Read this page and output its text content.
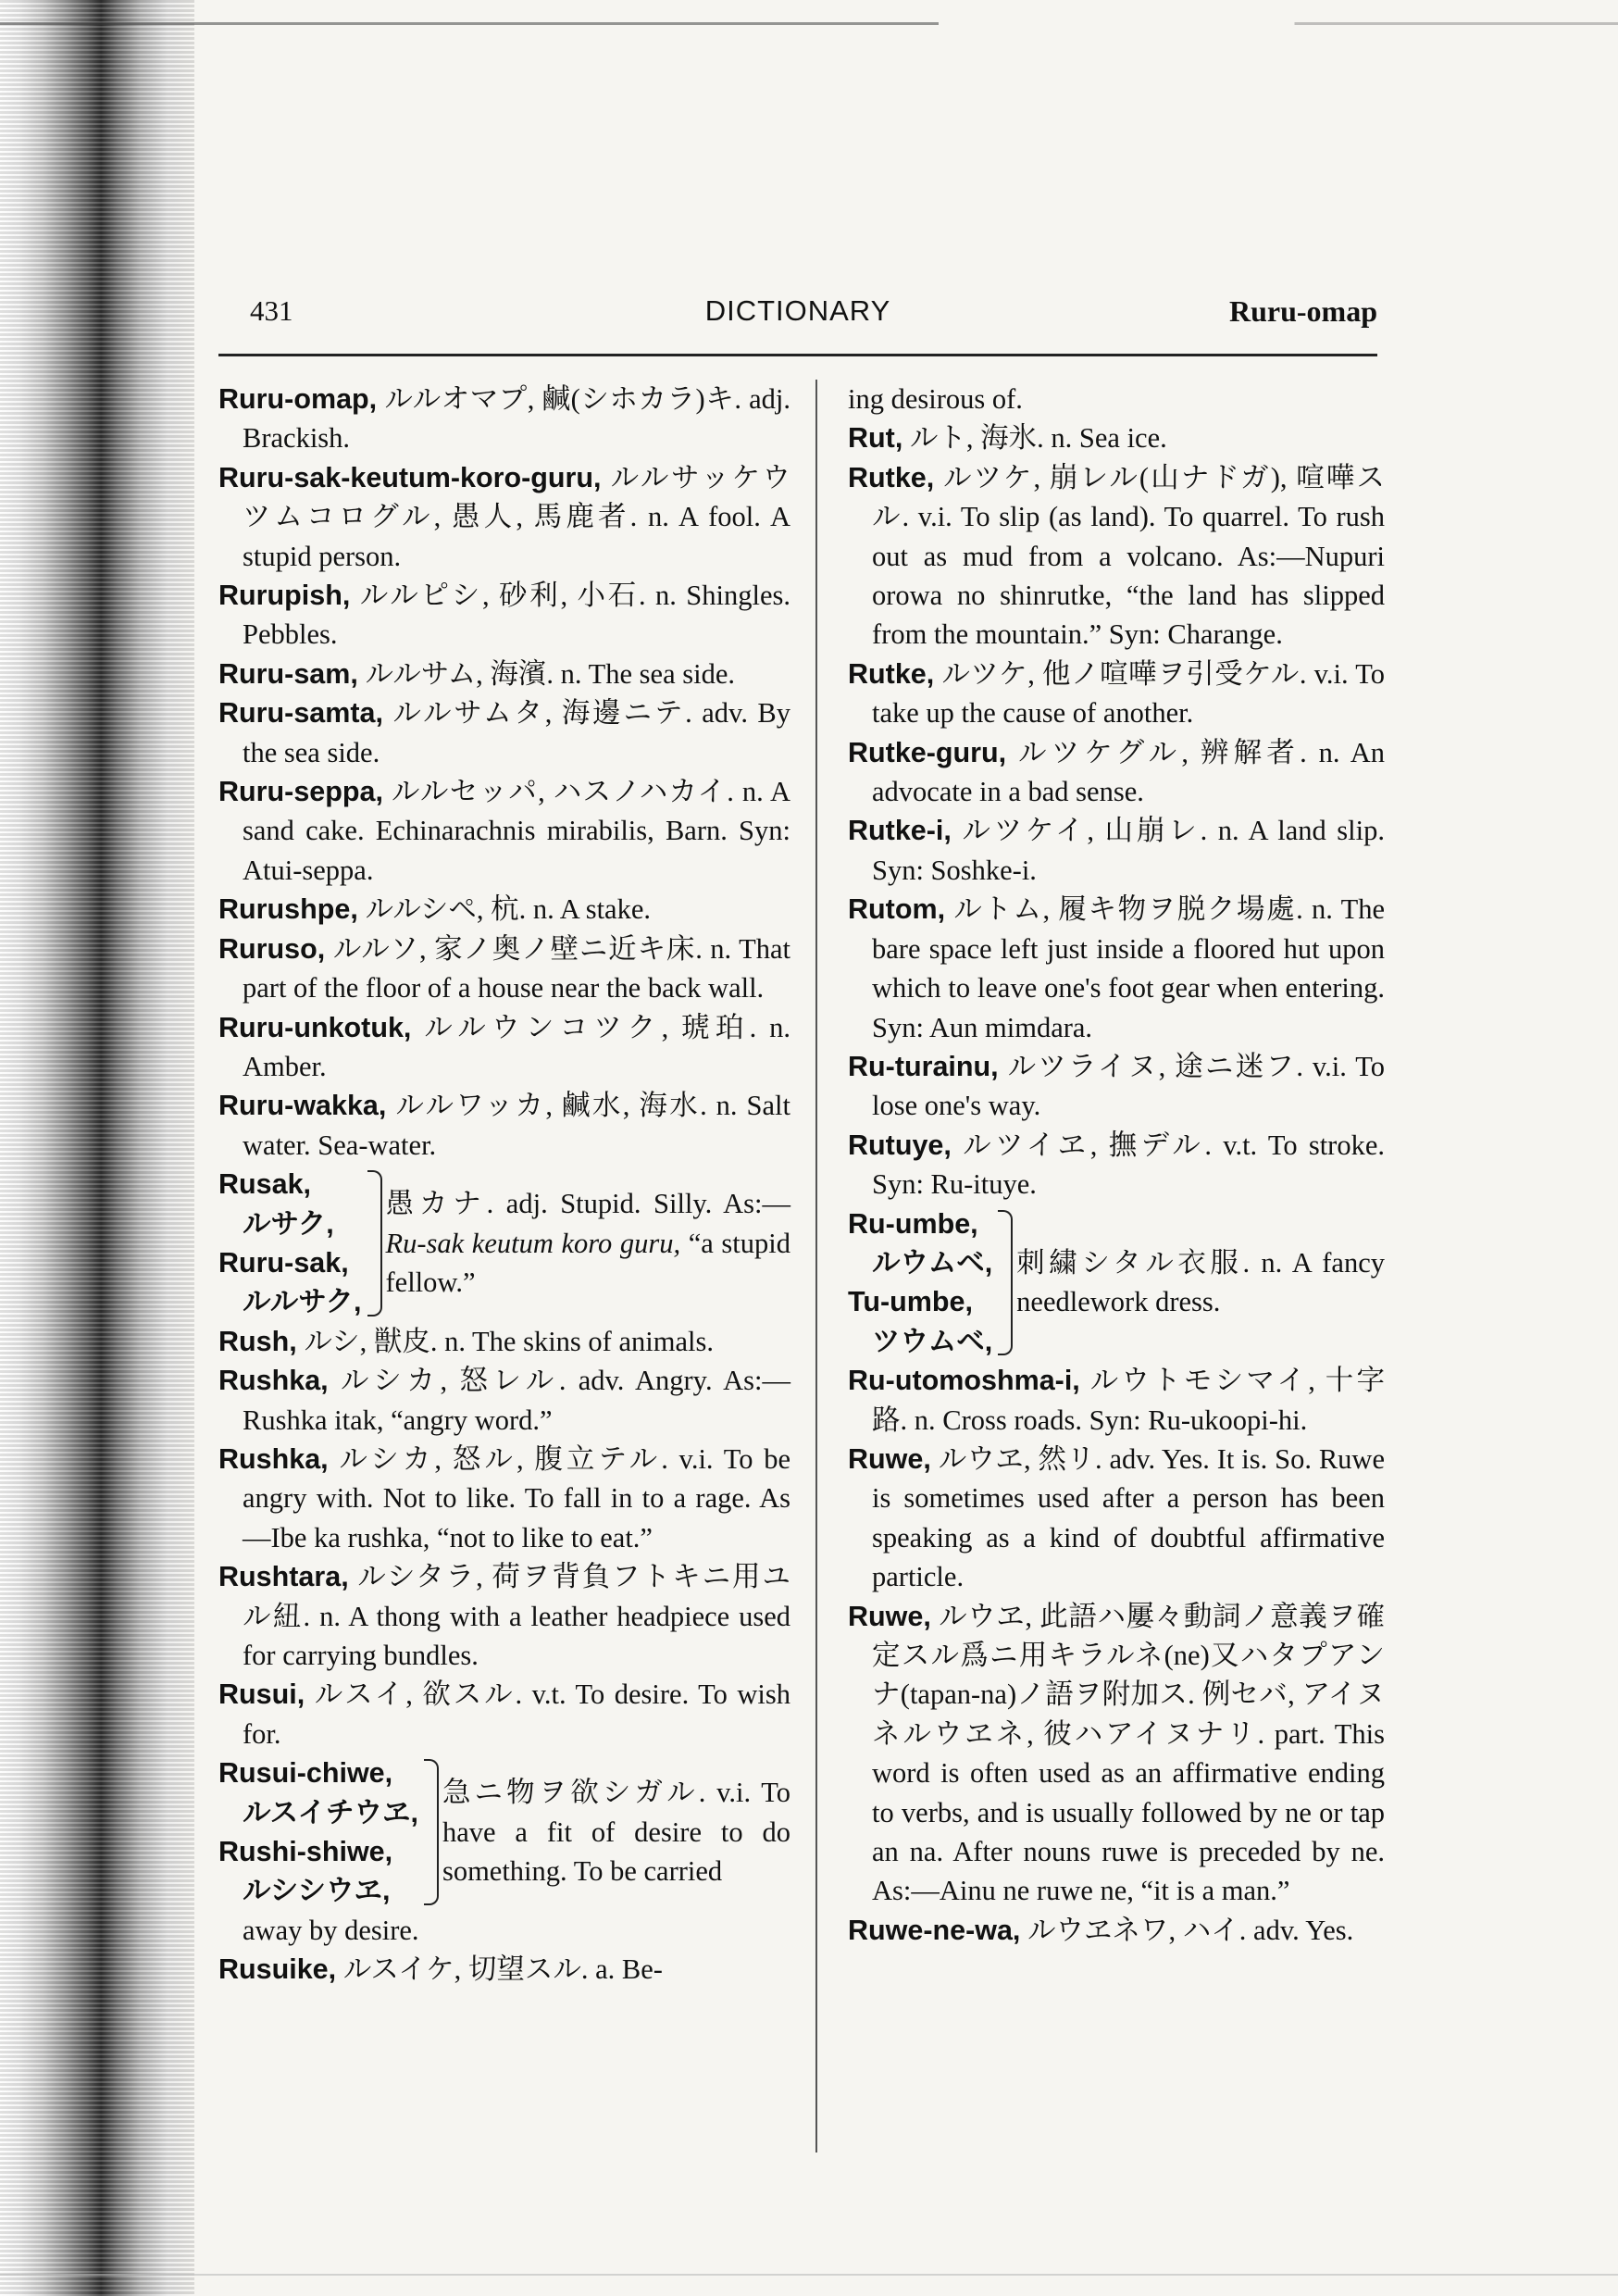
431	DICTIONARY	Ruru-omap
Ruru-omap, ルルオマプ, 鹹(シホカラ)キ. adj. Brackish.
Ruru-sak-keutum-koro-guru, ルルサッケウツムコログル, 愚人, 馬鹿者. n. A fool. A stupid person.
Rurupish, ルルピシ, 砂利, 小石. n. Shingles. Pebbles.
Ruru-sam, ルルサム, 海濱. n. The sea side.
Ruru-samta, ルルサムタ, 海邊ニテ. adv. By the sea side.
Ruru-seppa, ルルセッパ, ハスノハカイ. n. A sand cake. Echinarachnis mirabilis, Barn. Syn: Atui-seppa.
Rurushpe, ルルシペ, 杭. n. A stake.
Ruruso, ルルソ, 家ノ奥ノ壁ニ近キ床. n. That part of the floor of a house near the back wall.
Ruru-unkotuk, ルルウンコツク, 琥珀. n. Amber.
Ruru-wakka, ルルワッカ, 鹹水, 海水. n. Salt water. Sea-water.
Rusak,
ルサク,
Ruru-sak,
ルルサク,
愚カナ. adj. Stupid. Silly. As:—Ru-sak keutum koro guru, “a stupid fellow.”
Rush, ルシ, 獣皮. n. The skins of animals.
Rushka, ルシカ, 怒レル. adv. Angry. As:—Rushka itak, “angry word.”
Rushka, ルシカ, 怒ル, 腹立テル. v.i. To be angry with. Not to like. To fall in to a rage. As—Ibe ka rushka, “not to like to eat.”
Rushtara, ルシタラ, 荷ヲ背負フトキニ用ユル紐. n. A thong with a leather headpiece used for carrying bundles.
Rusui, ルスイ, 欲スル. v.t. To desire. To wish for.
Rusui-chiwe,
ルスイチウヱ,
Rushi-shiwe,
ルシシウヱ,
急ニ物ヲ欲シガル. v.i. To have a fit of desire to do something. To be carried
away by desire.
Rusuike, ルスイケ, 切望スル. a. Be-
ing desirous of.
Rut, ルト, 海氷. n. Sea ice.
Rutke, ルツケ, 崩レル(山ナドガ), 喧嘩スル. v.i. To slip (as land). To quarrel. To rush out as mud from a volcano. As:—Nupuri orowa no shinrutke, “the land has slipped from the mountain.” Syn: Charange.
Rutke, ルツケ, 他ノ喧嘩ヲ引受ケル. v.i. To take up the cause of another.
Rutke-guru, ルツケグル, 辨解者. n. An advocate in a bad sense.
Rutke-i, ルツケイ, 山崩レ. n. A land slip. Syn: Soshke-i.
Rutom, ルトム, 履キ物ヲ脱ク場處. n. The bare space left just inside a floored hut upon which to leave one's foot gear when entering. Syn: Aun mimdara.
Ru-turainu, ルツライヌ, 途ニ迷フ. v.i. To lose one's way.
Rutuye, ルツイヱ, 撫デル. v.t. To stroke. Syn: Ru-ituye.
Ru-umbe,
ルウムベ,
Tu-umbe,
ツウムベ,
刺繍シタル衣服. n. A fancy needlework dress.
Ru-utomoshma-i, ルウトモシマイ, 十字路. n. Cross roads. Syn: Ru-ukoopi-hi.
Ruwe, ルウヱ, 然リ. adv. Yes. It is. So. Ruwe is sometimes used after a person has been speaking as a kind of doubtful affirmative particle.
Ruwe, ルウヱ, 此語ハ屢々動詞ノ意義ヲ確定スル爲ニ用キラルネ(ne)又ハタプアンナ(tapan-na)ノ語ヲ附加ス. 例セバ, アイヌネルウヱネ, 彼ハアイヌナリ. part. This word is often used as an affirmative ending to verbs, and is usually followed by ne or tap an na. After nouns ruwe is preceded by ne. As:—Ainu ne ruwe ne, “it is a man.”
Ruwe-ne-wa, ルウヱネワ, ハイ. adv. Yes.
